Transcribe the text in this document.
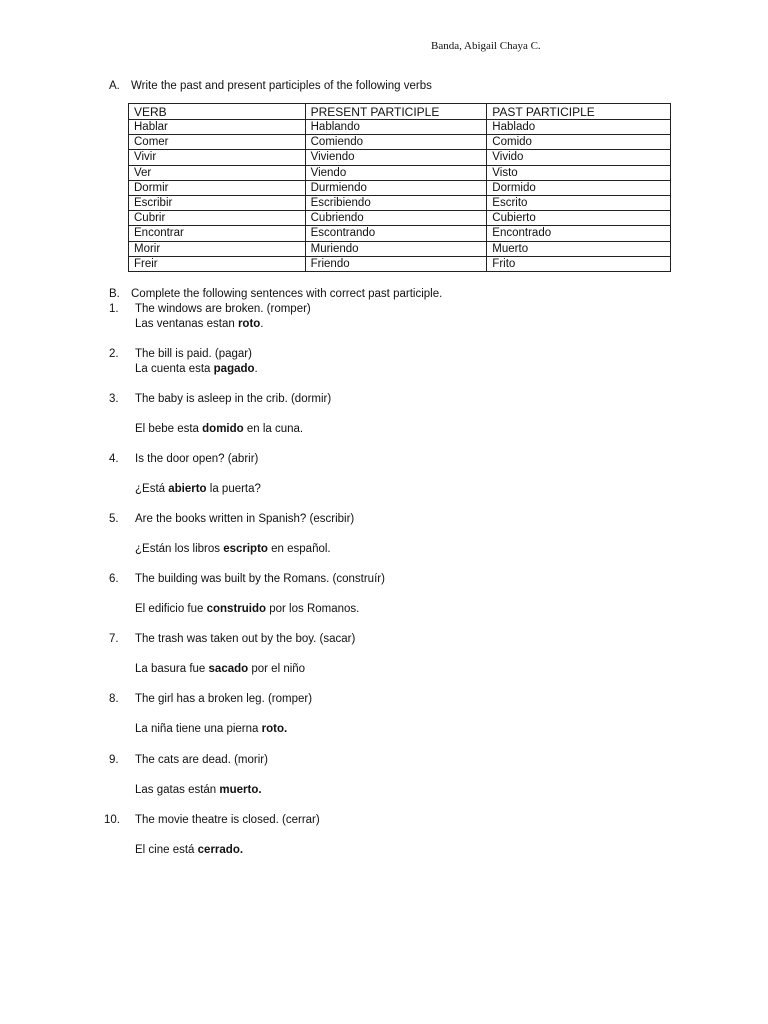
Banda, Abigail Chaya C.
A. Write the past and present participles of the following verbs
VERB	PRESENT PARTICIPLE	PAST PARTICIPLE
Hablar	Hablando	Hablado
Comer	Comiendo	Comido
Vivir	Viviendo	Vivido
Ver	Viendo	Visto
Dormir	Durmiendo	Dormido
Escribir	Escribiendo	Escrito
Cubrir	Cubriendo	Cubierto
Encontrar	Escontrando	Encontrado
Morir	Muriendo	Muerto
Freir	Friendo	Frito
B. Complete the following sentences with correct past participle.
1. The windows are broken. (romper)
Las ventanas estan roto.
2. The bill is paid. (pagar)
La cuenta esta pagado.
3. The baby is asleep in the crib. (dormir)
El bebe esta domido en la cuna.
4. Is the door open? (abrir)
¿Está abierto la puerta?
5. Are the books written in Spanish? (escribir)
¿Están los libros escripto en español.
6. The building was built by the Romans. (construír)
El edificio fue construido por los Romanos.
7. The trash was taken out by the boy. (sacar)
La basura fue sacado por el niño
8. The girl has a broken leg. (romper)
La niña tiene una pierna roto.
9. The cats are dead. (morir)
Las gatas están muerto.
10. The movie theatre is closed. (cerrar)
El cine está cerrado.
